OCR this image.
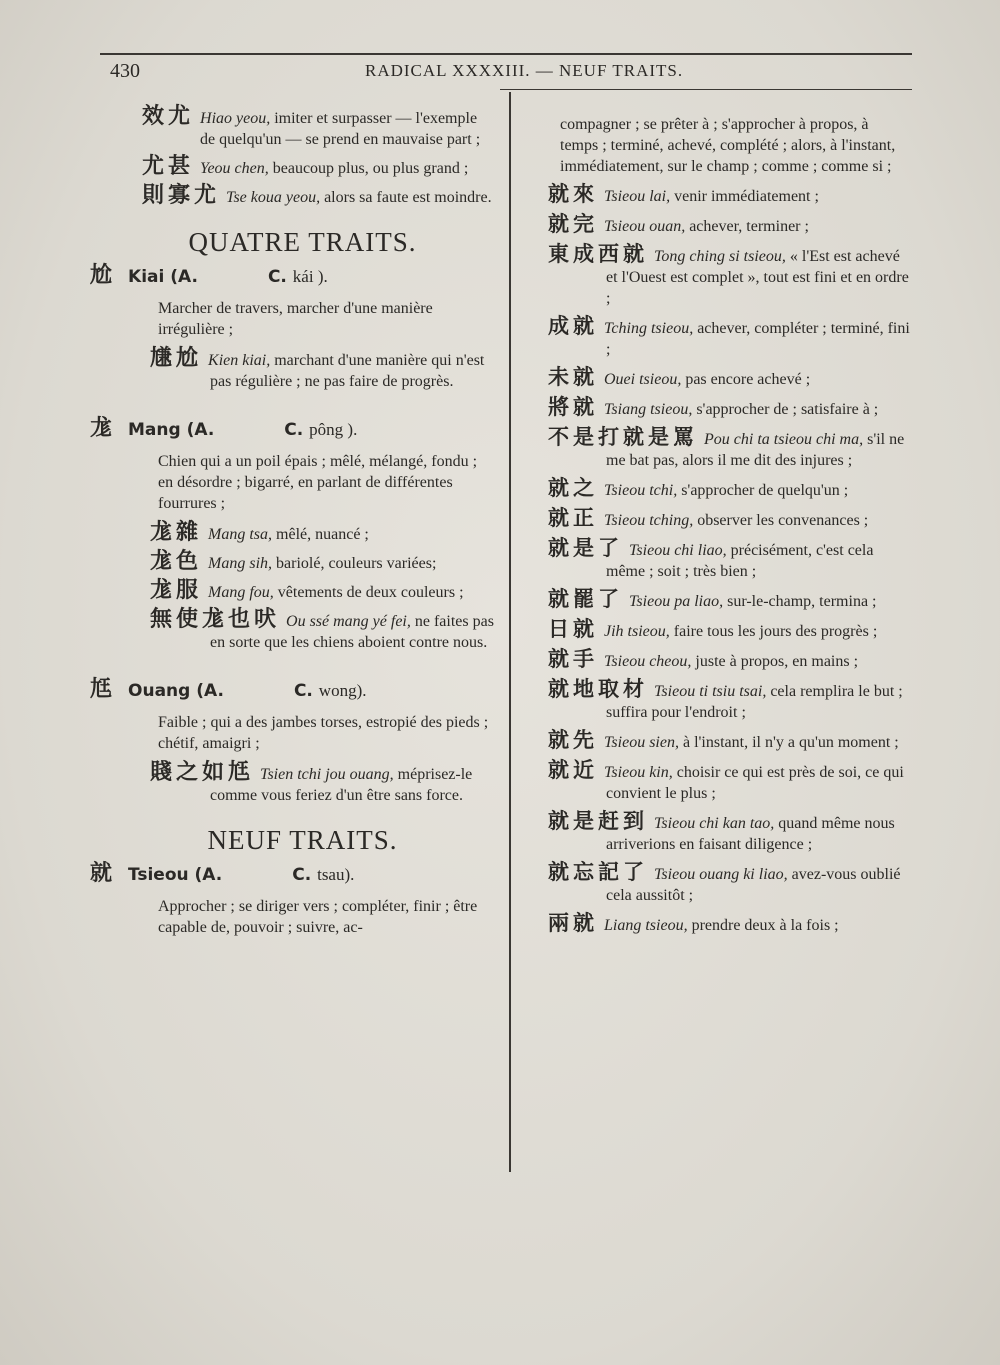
430	RADICAL XXXXIII. — NEUF TRAITS.
效尤 Hiao yeou, imiter et surpasser — l'exemple de quelqu'un — se prend en mauvaise part ;
尤甚 Yeou chen, beaucoup plus, ou plus grand ;
則寡尤 Tse koua yeou, alors sa faute est moindre.
QUATRE TRAITS.
尬 Kiai (A.	C. kái ).
Marcher de travers, marcher d'une manière irrégulière ;
尲尬 Kien kiai, marchant d'une manière qui n'est pas régulière ; ne pas faire de progrès.
尨 Mang (A.	C. pông ).
Chien qui a un poil épais ; mêlé, mélangé, fondu ; en désordre ; bigarré, en parlant de différentes fourrures ;
尨雜 Mang tsa, mêlé, nuancé ;
尨色 Mang sih, bariolé, couleurs variées;
尨服 Mang fou, vêtements de deux couleurs ;
無使尨也吠 Ou ssé mang yé fei, ne faites pas en sorte que les chiens aboient contre nous.
尪 Ouang (A.	C. wong).
Faible ; qui a des jambes torses, estropié des pieds ; chétif, amaigri ;
賤之如尪 Tsien tchi jou ouang, méprisez-le comme vous feriez d'un être sans force.
NEUF TRAITS.
就 Tsieou (A.	C. tsau).
Approcher ; se diriger vers ; compléter, finir ; être capable de, pouvoir ; suivre, ac-
compagner ; se prêter à ; s'approcher à propos, à temps ; terminé, achevé, complété ; alors, à l'instant, immédiatement, sur le champ ; comme ; comme si ;
就來 Tsieou lai, venir immédiatement ;
就完 Tsieou ouan, achever, terminer ;
東成西就 Tong ching si tsieou, « l'Est est achevé et l'Ouest est complet », tout est fini et en ordre ;
成就 Tching tsieou, achever, compléter ; terminé, fini ;
未就 Ouei tsieou, pas encore achevé ;
將就 Tsiang tsieou, s'approcher de ; satisfaire à ;
不是打就是罵 Pou chi ta tsieou chi ma, s'il ne me bat pas, alors il me dit des injures ;
就之 Tsieou tchi, s'approcher de quelqu'un ;
就正 Tsieou tching, observer les convenances ;
就是了 Tsieou chi liao, précisément, c'est cela même ; soit ; très bien ;
就罷了 Tsieou pa liao, sur-le-champ, termina ;
日就 Jih tsieou, faire tous les jours des progrès ;
就手 Tsieou cheou, juste à propos, en mains ;
就地取材 Tsieou ti tsiu tsai, cela remplira le but ; suffira pour l'endroit ;
就先 Tsieou sien, à l'instant, il n'y a qu'un moment ;
就近 Tsieou kin, choisir ce qui est près de soi, ce qui convient le plus ;
就是赶到 Tsieou chi kan tao, quand même nous arriverions en faisant diligence ;
就忘記了 Tsieou ouang ki liao, avez-vous oublié cela aussitôt ;
兩就 Liang tsieou, prendre deux à la fois ;
